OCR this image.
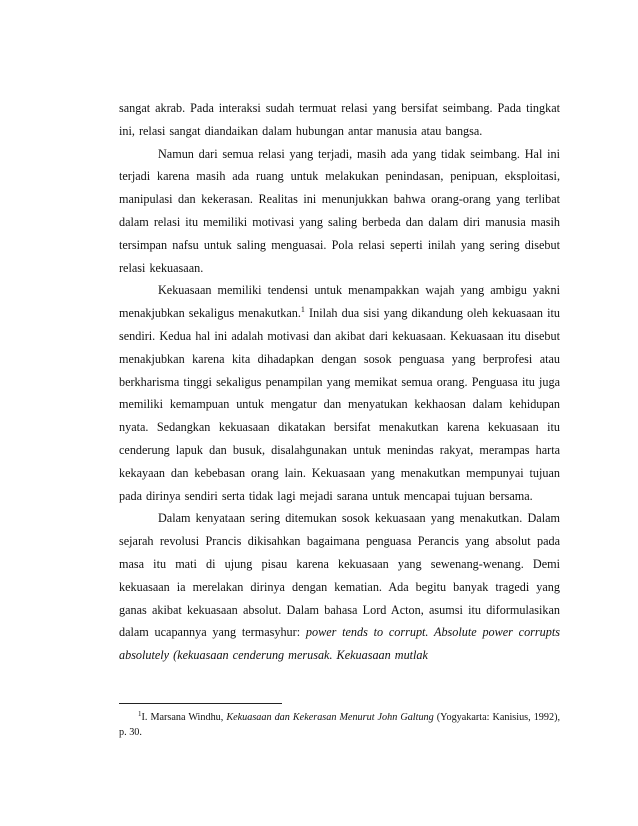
sangat akrab. Pada interaksi sudah termuat relasi yang bersifat seimbang. Pada tingkat ini, relasi sangat diandaikan dalam hubungan antar manusia atau bangsa.

Namun dari semua relasi yang terjadi, masih ada yang tidak seimbang. Hal ini terjadi karena masih ada ruang untuk melakukan penindasan, penipuan, eksploitasi, manipulasi dan kekerasan. Realitas ini menunjukkan bahwa orang-orang yang terlibat dalam relasi itu memiliki motivasi yang saling berbeda dan dalam diri manusia masih tersimpan nafsu untuk saling menguasai. Pola relasi seperti inilah yang sering disebut relasi kekuasaan.

Kekuasaan memiliki tendensi untuk menampakkan wajah yang ambigu yakni menakjubkan sekaligus menakutkan.$^1$ Inilah dua sisi yang dikandung oleh kekuasaan itu sendiri. Kedua hal ini adalah motivasi dan akibat dari kekuasaan. Kekuasaan itu disebut menakjubkan karena kita dihadapkan dengan sosok penguasa yang berprofesi atau berkharisma tinggi sekaligus penampilan yang memikat semua orang. Penguasa itu juga memiliki kemampuan untuk mengatur dan menyatukan kekhaosan dalam kehidupan nyata. Sedangkan kekuasaan dikatakan bersifat menakutkan karena kekuasaan itu cenderung lapuk dan busuk, disalahgunakan untuk menindas rakyat, merampas harta kekayaan dan kebebasan orang lain. Kekuasaan yang menakutkan mempunyai tujuan pada dirinya sendiri serta tidak lagi mejadi sarana untuk mencapai tujuan bersama.

Dalam kenyataan sering ditemukan sosok kekuasaan yang menakutkan. Dalam sejarah revolusi Prancis dikisahkan bagaimana penguasa Perancis yang absolut pada masa itu mati di ujung pisau karena kekuasaan yang sewenang-wenang. Demi kekuasaan ia merelakan dirinya dengan kematian. Ada begitu banyak tragedi yang ganas akibat kekuasaan absolut. Dalam bahasa Lord Acton, asumsi itu diformulasikan dalam ucapannya yang termasyhur: power tends to corrupt. Absolute power corrupts absolutely (kekuasaan cenderung merusak. Kekuasaan mutlak

$^1$I. Marsana Windhu, Kekuasaan dan Kekerasan Menurut John Galtung (Yogyakarta: Kanisius, 1992), p. 30.
